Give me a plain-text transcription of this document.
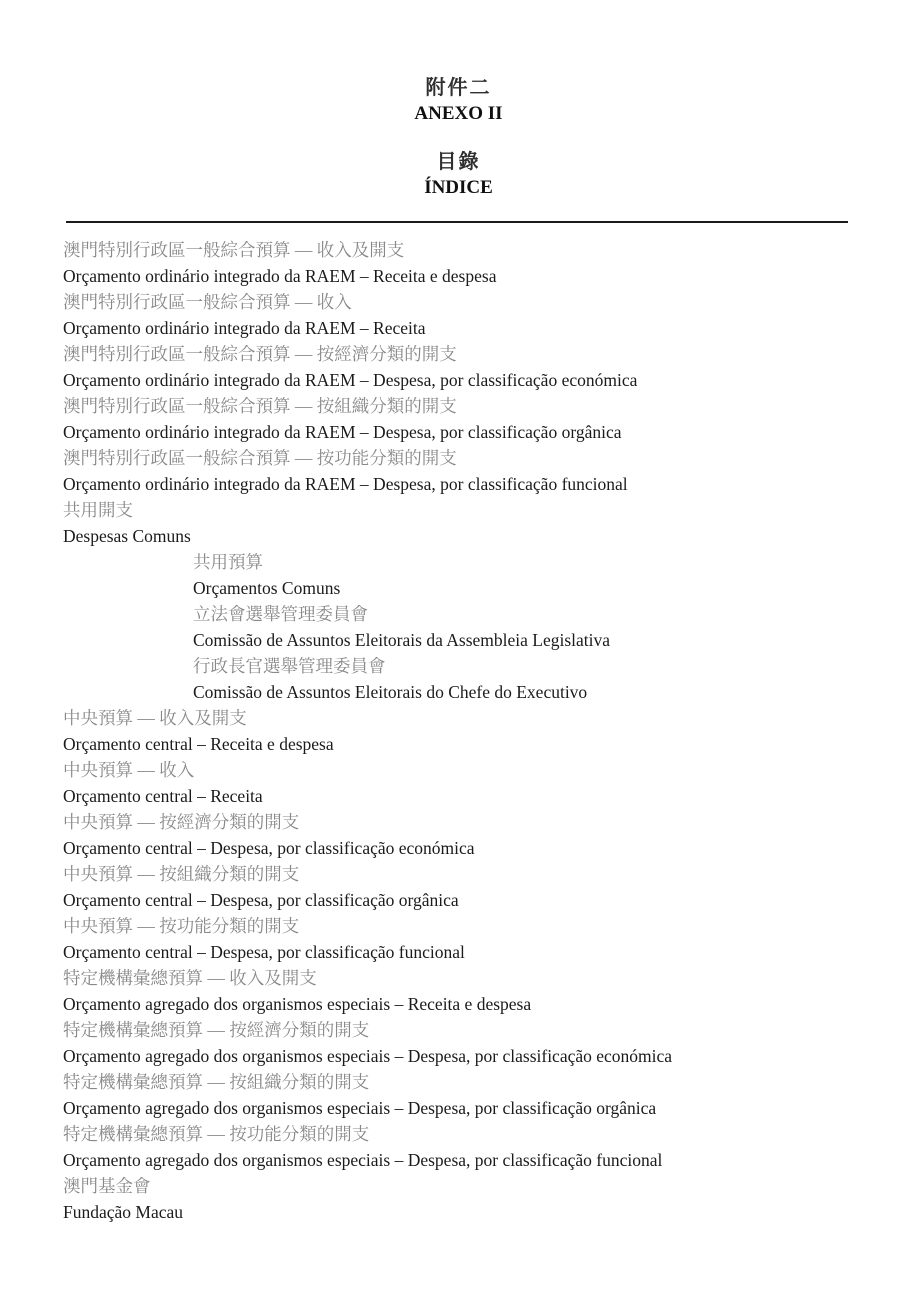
附件二
ANEXO II
目錄
ÍNDICE
澳門特別行政區一般綜合預算 — 收入及開支
Orçamento ordinário integrado da RAEM – Receita e despesa
澳門特別行政區一般綜合預算 — 收入
Orçamento ordinário integrado da RAEM – Receita
澳門特別行政區一般綜合預算 — 按經濟分類的開支
Orçamento ordinário integrado da RAEM – Despesa, por classificação económica
澳門特別行政區一般綜合預算 — 按組織分類的開支
Orçamento ordinário integrado da RAEM – Despesa, por classificação orgânica
澳門特別行政區一般綜合預算 — 按功能分類的開支
Orçamento ordinário integrado da RAEM – Despesa, por classificação funcional
共用開支
Despesas Comuns
共用預算
Orçamentos Comuns
立法會選舉管理委員會
Comissão de Assuntos Eleitorais da Assembleia Legislativa
行政長官選舉管理委員會
Comissão de Assuntos Eleitorais do Chefe do Executivo
中央預算 — 收入及開支
Orçamento central – Receita e despesa
中央預算 — 收入
Orçamento central – Receita
中央預算 — 按經濟分類的開支
Orçamento central – Despesa, por classificação económica
中央預算 — 按組織分類的開支
Orçamento central – Despesa, por classificação orgânica
中央預算 — 按功能分類的開支
Orçamento central – Despesa, por classificação funcional
特定機構彙總預算 — 收入及開支
Orçamento agregado dos organismos especiais – Receita e despesa
特定機構彙總預算 — 按經濟分類的開支
Orçamento agregado dos organismos especiais – Despesa, por classificação económica
特定機構彙總預算 — 按組織分類的開支
Orçamento agregado dos organismos especiais – Despesa, por classificação orgânica
特定機構彙總預算 — 按功能分類的開支
Orçamento agregado dos organismos especiais – Despesa, por classificação funcional
澳門基金會
Fundação Macau
